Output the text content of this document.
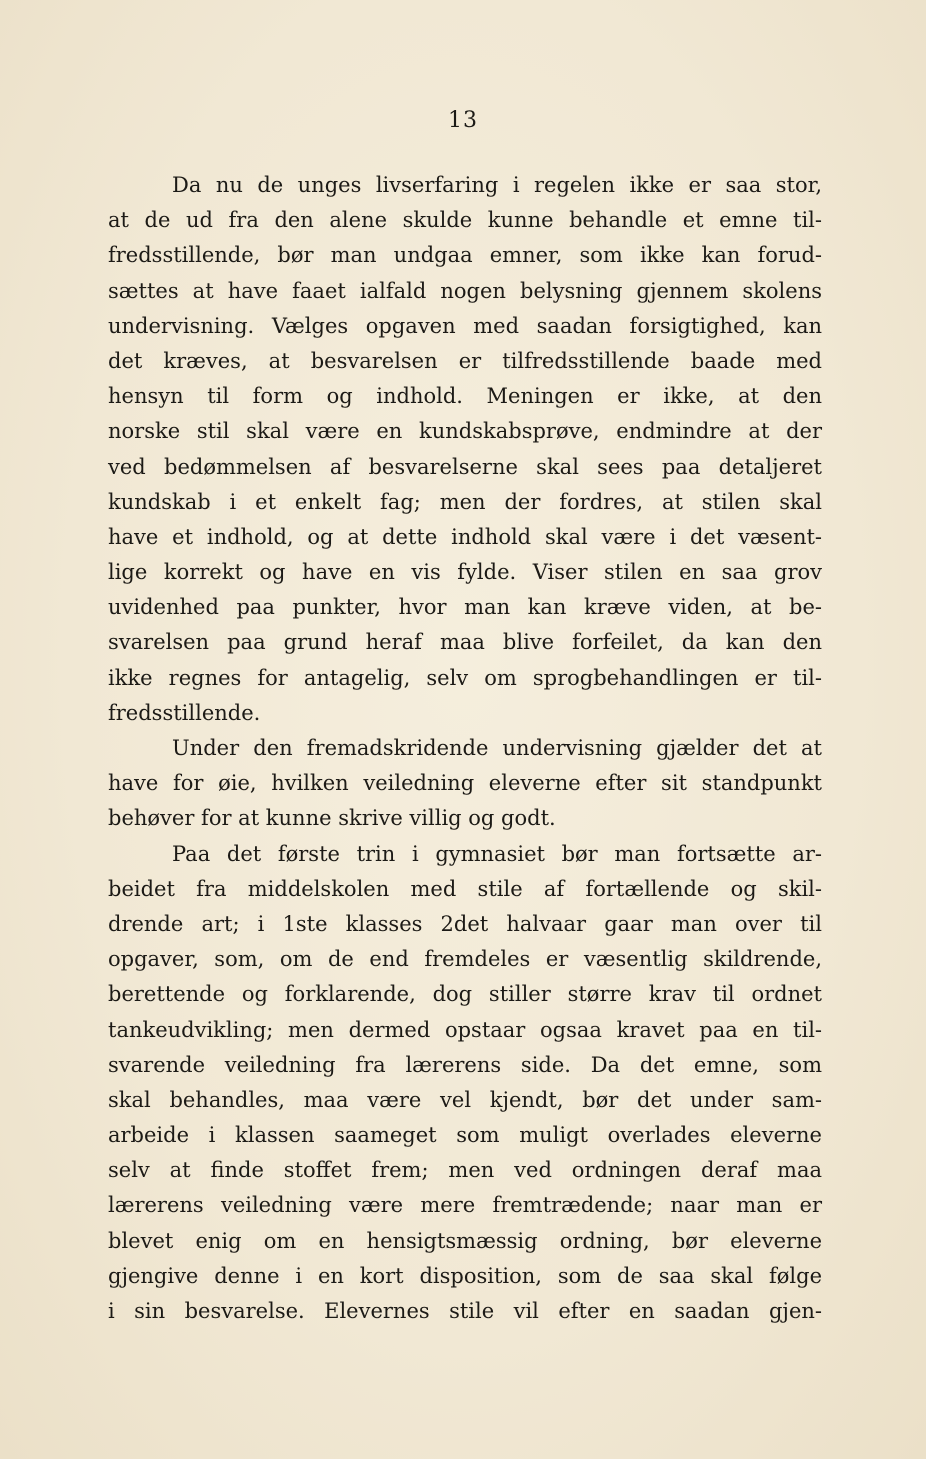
13
Da nu de unges livserfaring i regelen ikke er saa stor,
at de ud fra den alene skulde kunne behandle et emne til-
fredsstillende, bør man undgaa emner, som ikke kan forud-
sættes at have faaet ialfald nogen belysning gjennem skolens
undervisning. Vælges opgaven med saadan forsigtighed, kan
det kræves, at besvarelsen er tilfredsstillende baade med
hensyn til form og indhold. Meningen er ikke, at den
norske stil skal være en kundskabsprøve, endmindre at der
ved bedømmelsen af besvarelserne skal sees paa detaljeret
kundskab i et enkelt fag; men der fordres, at stilen skal
have et indhold, og at dette indhold skal være i det væsent-
lige korrekt og have en vis fylde. Viser stilen en saa grov
uvidenhed paa punkter, hvor man kan kræve viden, at be-
svarelsen paa grund heraf maa blive forfeilet, da kan den
ikke regnes for antagelig, selv om sprogbehandlingen er til-
fredsstillende.
Under den fremadskridende undervisning gjælder det at
have for øie, hvilken veiledning eleverne efter sit standpunkt
behøver for at kunne skrive villig og godt.
Paa det første trin i gymnasiet bør man fortsætte ar-
beidet fra middelskolen med stile af fortællende og skil-
drende art; i 1ste klasses 2det halvaar gaar man over til
opgaver, som, om de end fremdeles er væsentlig skildrende,
berettende og forklarende, dog stiller større krav til ordnet
tankeudvikling; men dermed opstaar ogsaa kravet paa en til-
svarende veiledning fra lærerens side. Da det emne, som
skal behandles, maa være vel kjendt, bør det under sam-
arbeide i klassen saameget som muligt overlades eleverne
selv at finde stoffet frem; men ved ordningen deraf maa
lærerens veiledning være mere fremtrædende; naar man er
blevet enig om en hensigtsmæssig ordning, bør eleverne
gjengive denne i en kort disposition, som de saa skal følge
i sin besvarelse. Elevernes stile vil efter en saadan gjen-
